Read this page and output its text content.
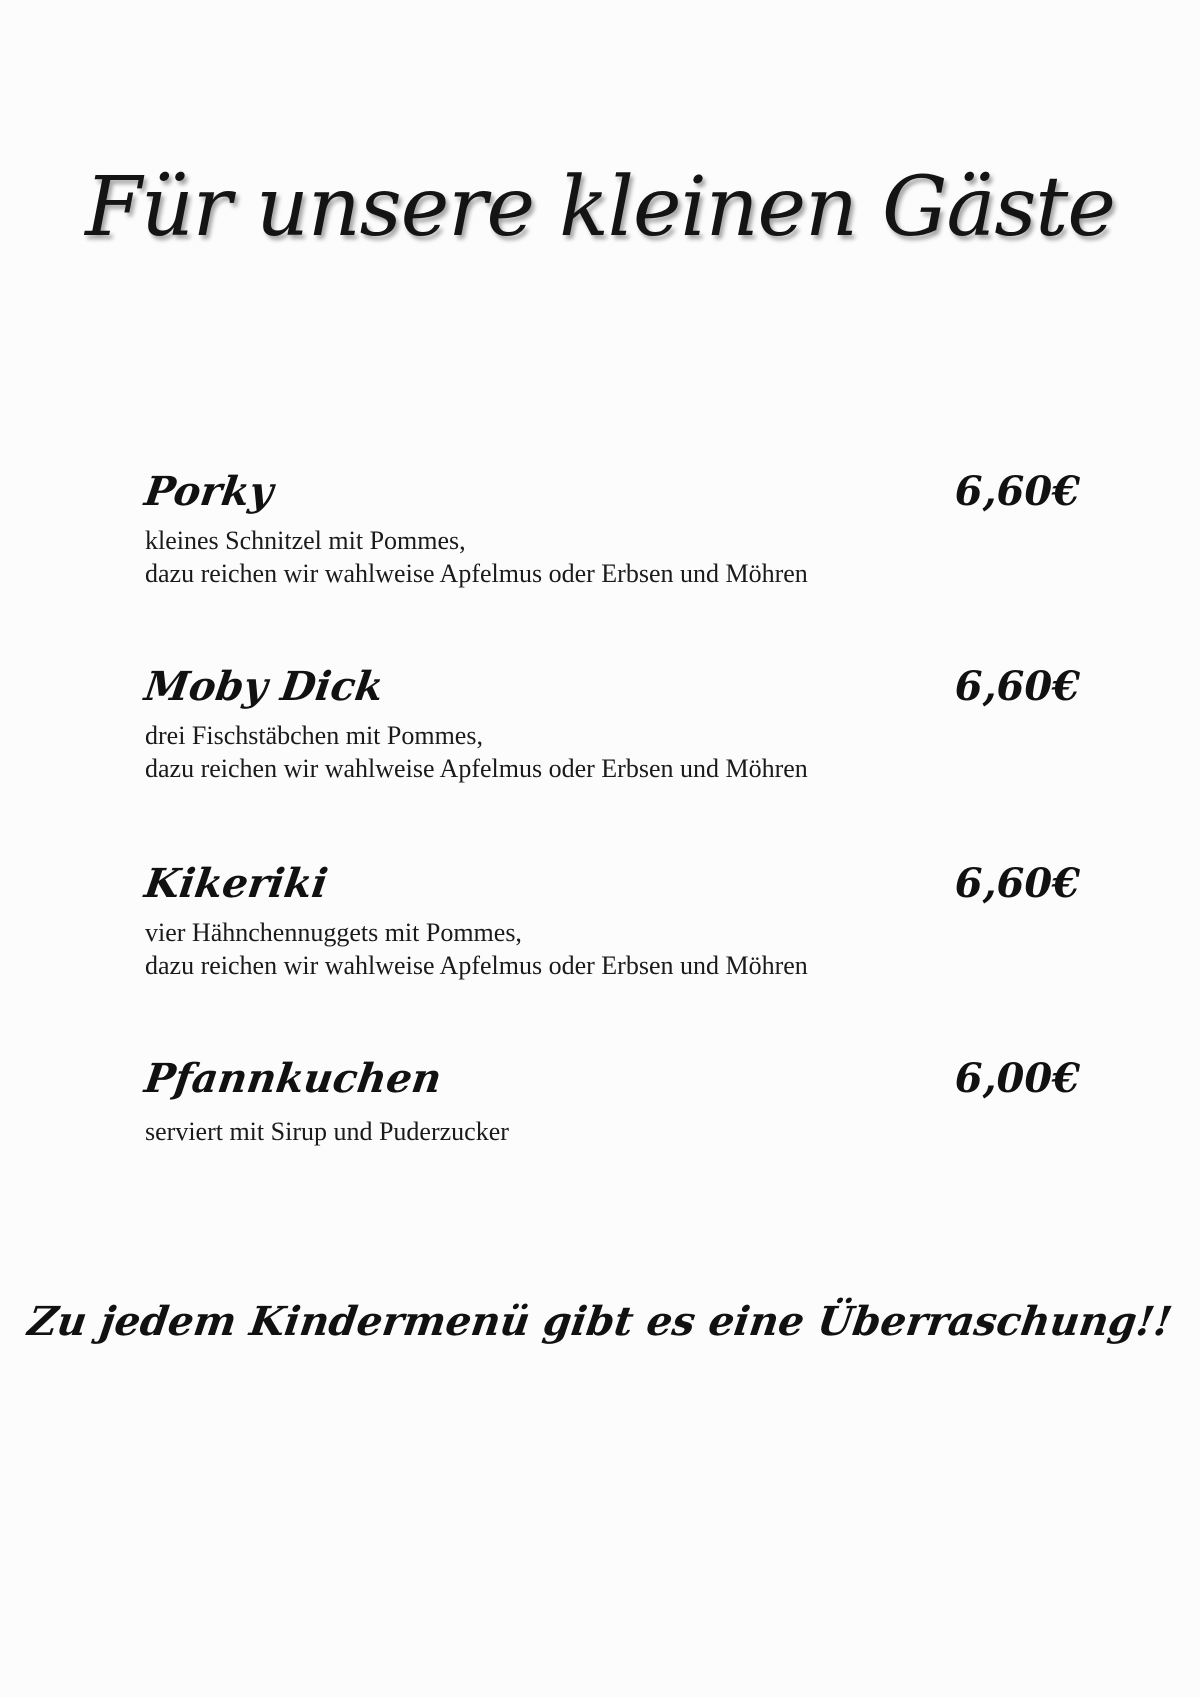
Für unsere kleinen Gäste
Porky	6,60€
kleines Schnitzel mit Pommes,
dazu reichen wir wahlweise Apfelmus oder Erbsen und Möhren
Moby Dick	6,60€
drei Fischstäbchen mit Pommes,
dazu reichen wir wahlweise Apfelmus oder Erbsen und Möhren
Kikeriki	6,60€
vier Hähnchennuggets mit Pommes,
dazu reichen wir wahlweise Apfelmus oder Erbsen und Möhren
Pfannkuchen	6,00€
serviert mit Sirup und Puderzucker
Zu jedem Kindermenü gibt es eine Überraschung!!
